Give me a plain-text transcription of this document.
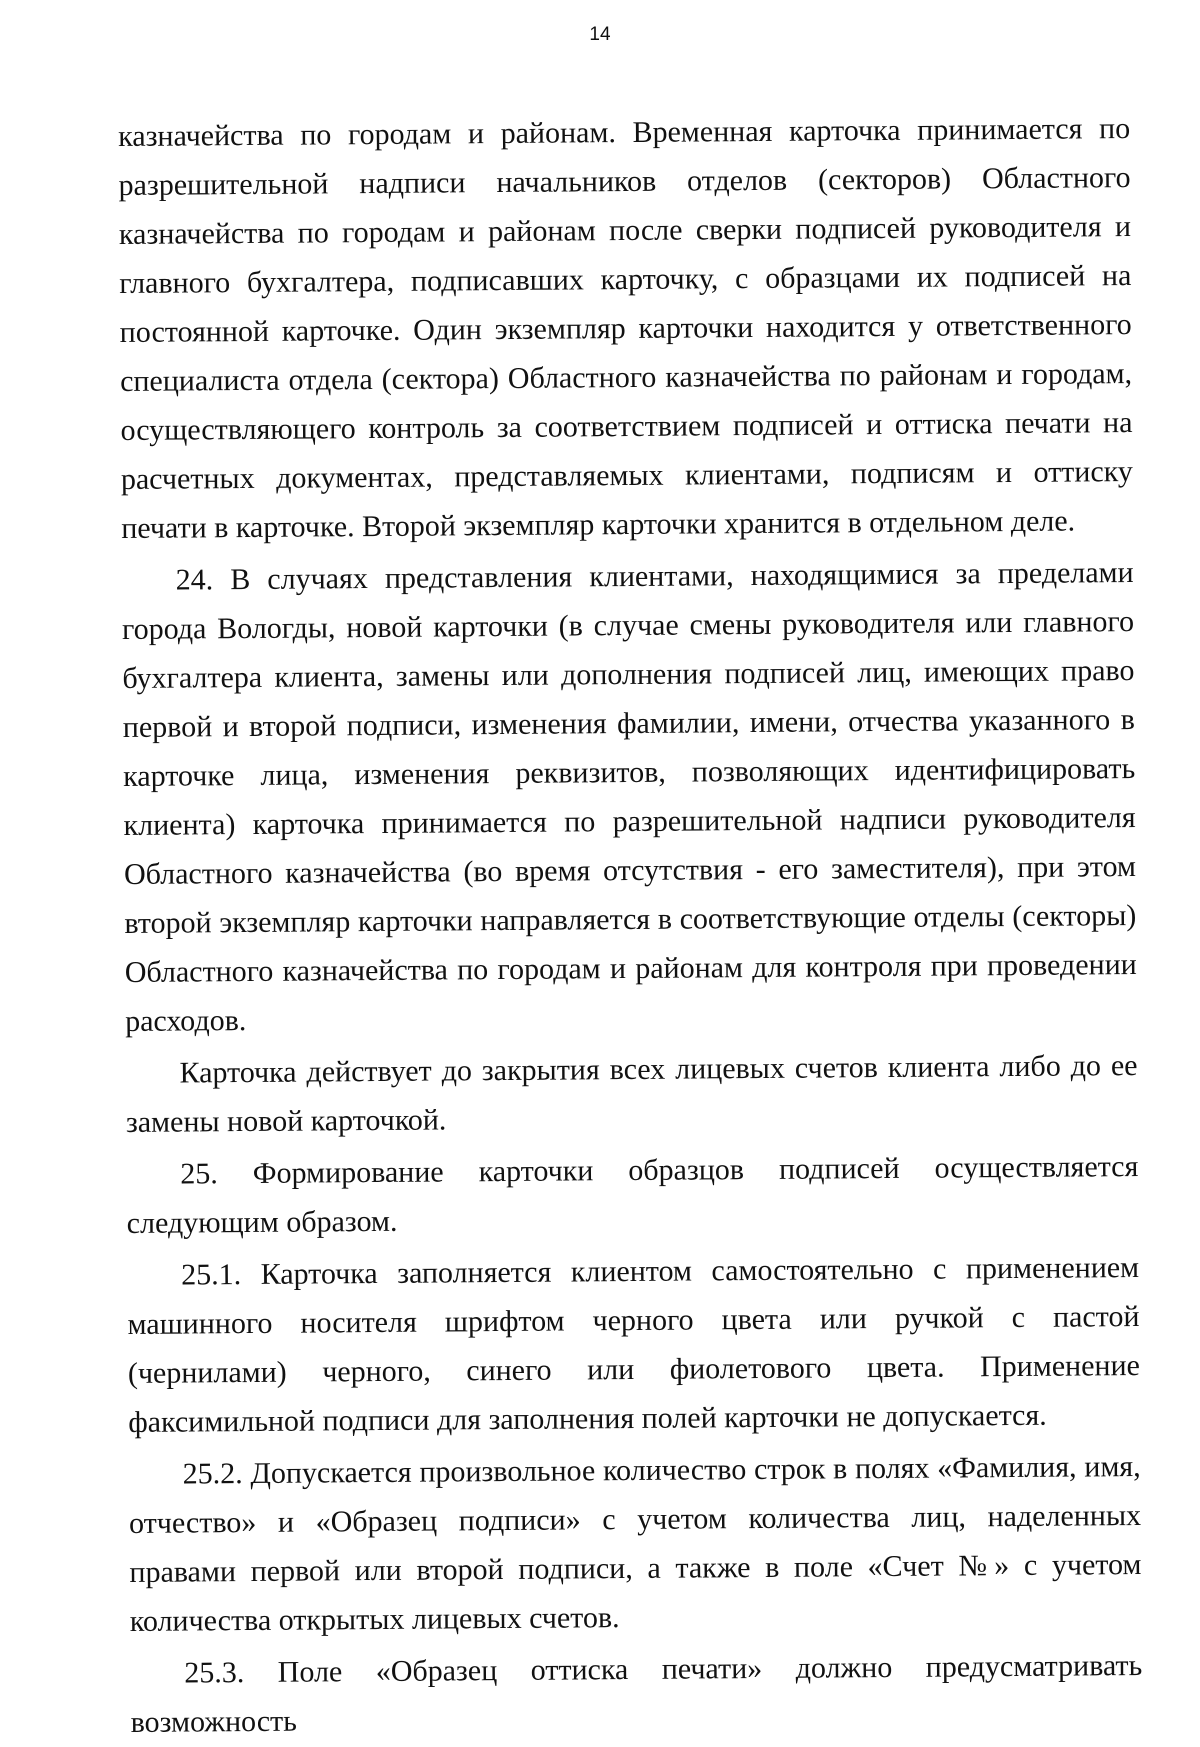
14

казначейства по городам и районам. Временная карточка принимается по разрешительной надписи начальников отделов (секторов) Областного казначейства по городам и районам после сверки подписей руководителя и главного бухгалтера, подписавших карточку, с образцами их подписей на постоянной карточке. Один экземпляр карточки находится у ответственного специалиста отдела (сектора) Областного казначейства по районам и городам, осуществляющего контроль за соответствием подписей и оттиска печати на расчетных документах, представляемых клиентами, подписям и оттиску печати в карточке. Второй экземпляр карточки хранится в отдельном деле.

24. В случаях представления клиентами, находящимися за пределами города Вологды, новой карточки (в случае смены руководителя или главного бухгалтера клиента, замены или дополнения подписей лиц, имеющих право первой и второй подписи, изменения фамилии, имени, отчества указанного в карточке лица, изменения реквизитов, позволяющих идентифицировать клиента) карточка принимается по разрешительной надписи руководителя Областного казначейства (во время отсутствия - его заместителя), при этом второй экземпляр карточки направляется в соответствующие отделы (секторы) Областного казначейства по городам и районам для контроля при проведении расходов.

Карточка действует до закрытия всех лицевых счетов клиента либо до ее замены новой карточкой.

25. Формирование карточки образцов подписей осуществляется следующим образом.

25.1. Карточка заполняется клиентом самостоятельно с применением машинного носителя шрифтом черного цвета или ручкой с пастой (чернилами) черного, синего или фиолетового цвета. Применение факсимильной подписи для заполнения полей карточки не допускается.

25.2. Допускается произвольное количество строк в полях «Фамилия, имя, отчество» и «Образец подписи» с учетом количества лиц, наделенных правами первой или второй подписи, а также в поле «Счет №» с учетом количества открытых лицевых счетов.

25.3. Поле «Образец оттиска печати» должно предусматривать возможность
